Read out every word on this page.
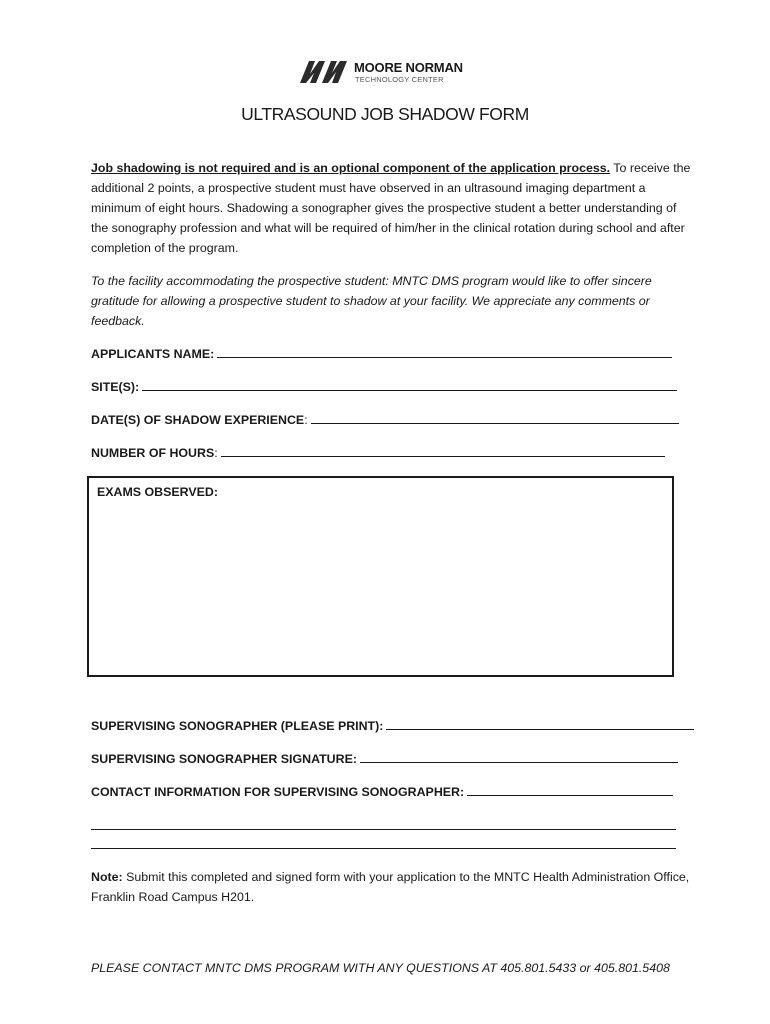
MOORE NORMAN
TECHNOLOGY CENTER
ULTRASOUND JOB SHADOW FORM
Job shadowing is not required and is an optional component of the application process. To receive the additional 2 points, a prospective student must have observed in an ultrasound imaging department a minimum of eight hours. Shadowing a sonographer gives the prospective student a better understanding of the sonography profession and what will be required of him/her in the clinical rotation during school and after completion of the program.
To the facility accommodating the prospective student: MNTC DMS program would like to offer sincere gratitude for allowing a prospective student to shadow at your facility. We appreciate any comments or feedback.
APPLICANTS NAME:
SITE(S):
DATE(S) OF SHADOW EXPERIENCE:
NUMBER OF HOURS:
EXAMS OBSERVED:
SUPERVISING SONOGRAPHER (PLEASE PRINT):
SUPERVISING SONOGRAPHER SIGNATURE:
CONTACT INFORMATION FOR SUPERVISING SONOGRAPHER:
Note: Submit this completed and signed form with your application to the MNTC Health Administration Office, Franklin Road Campus H201.
PLEASE CONTACT MNTC DMS PROGRAM WITH ANY QUESTIONS AT 405.801.5433 or 405.801.5408
